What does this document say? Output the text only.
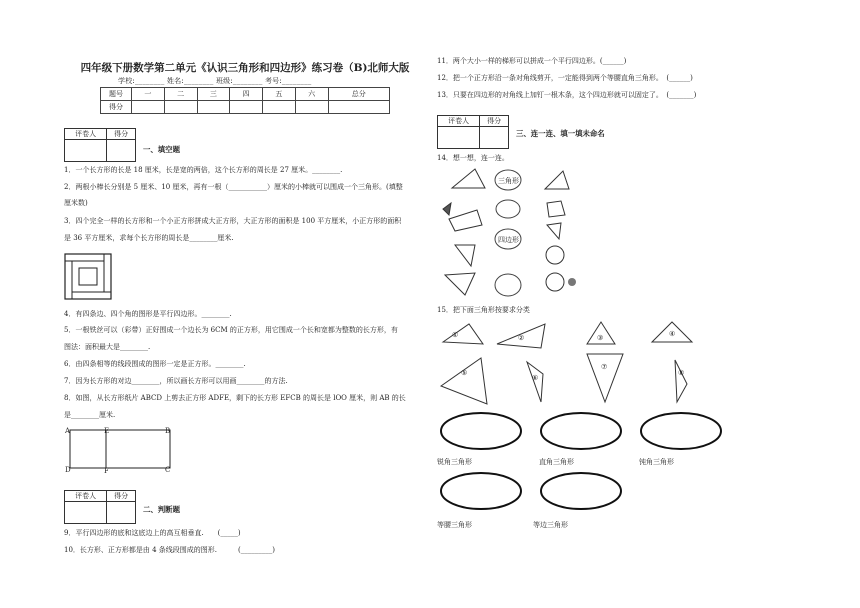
四年级下册数学第二单元《认识三角形和四边形》练习卷（B)北师大版
学校:________ 姓名:________ 班级:________ 考号:________
题号	一	二	三	四	五	六	总分
得分							
评卷人	得分

一、填空题
1．一个长方形的长是 18 厘米，长是宽的两倍，这个长方形的周长是 27 厘米。________.
2．两根小棒长分别是 5 厘米、10 厘米，再有一根（___________）厘米的小棒就可以围成一个三角形。(填整
厘米数)
3．四个完全一样的长方形和一个小正方形拼成大正方形，大正方形的面积是 100 平方厘米，小正方形的面积
是 36 平方厘米，求每个长方形的周长是________厘米.
4．有四条边、四个角的图形是平行四边形。________.
5．一根铁丝可以（彩带）正好围成一个边长为 6CM 的正方形，用它围成一个长和宽都为整数的长方形，有
图法：面积最大是________.
6．由四条相等的线段围成的图形一定是正方形。________.
7．因为长方形的对边________，所以画长方形可以用画________的方法.
8．如图，从长方形纸片 ABCD 上剪去正方形 ADFE，剩下的长方形 EFCB 的周长是 lOO 厘米，则 AB 的长
是________厘米.
A	E	B
D	F	C
评卷人	得分

二、判断题
9．平行四边形的底和这底边上的高互相垂直.　　(_____)
10．长方形、正方形都是由 4 条线段围成的图形.　　　(_________)
11．两个大小一样的梯形可以拼成一个平行四边形。(______)
12．把一个正方形沿一条对角线剪开，一定能得到两个等腰直角三角形。　(______)
13．只要在四边形的对角线上加钉一根木条，这个四边形就可以固定了。　(_______)
评卷人	得分

三、连一连、填一填未命名
14．想一想，连一连。
三角形
四边形
15．把下面三角形按要求分类
①	②	③	④
⑤
⑥
⑦
⑧
锐角三角形	直角三角形	钝角三角形
等腰三角形	等边三角形
